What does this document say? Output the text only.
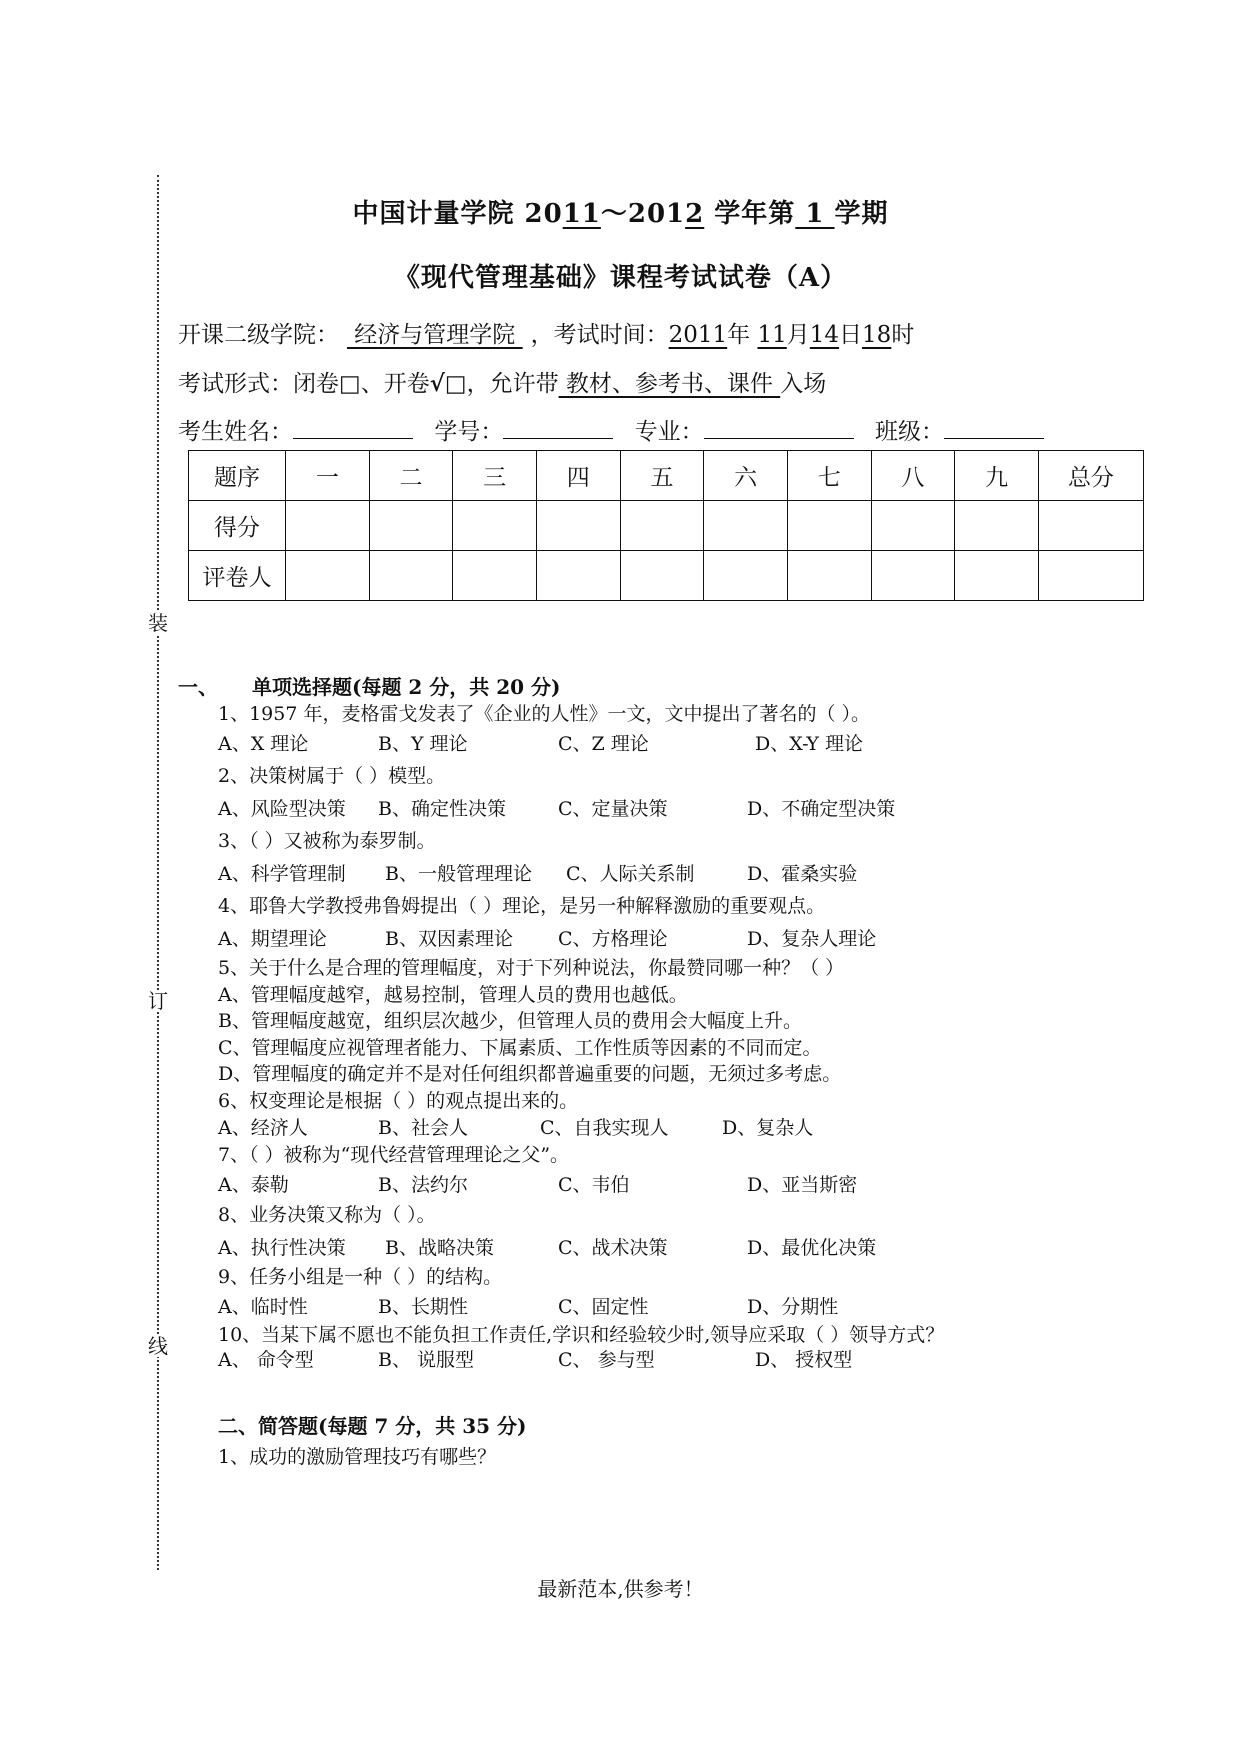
装
订
线
中国计量学院 2011～2012 学年第 1 学期
《现代管理基础》课程考试试卷（A）
开课二级学院： 经济与管理学院 ，考试时间：2011年 11月14日18时
考试形式：闭卷□、开卷√□，允许带 教材、参考书、课件 入场
考生姓名：	学号：	专业：	班级：
题序	一	二	三	四	五	六	七	八	九	总分
得分										
评卷人										
一、 单项选择题(每题 2 分，共 20 分)
1、1957 年，麦格雷戈发表了《企业的人性》一文，文中提出了著名的（ ）。
A、X 理论	B、Y 理论	C、Z 理论	D、X-Y 理论
2、决策树属于（ ）模型。
A、风险型决策 B、确定性决策	C、定量决策	D、不确定型决策
3、（ ）又被称为泰罗制。
A、科学管理制 B、一般管理理论 C、人际关系制	D、霍桑实验
4、耶鲁大学教授弗鲁姆提出（ ）理论，是另一种解释激励的重要观点。
A、期望理论	B、双因素理论 C、方格理论	D、复杂人理论
5、关于什么是合理的管理幅度，对于下列种说法，你最赞同哪一种？（ ）
A、管理幅度越窄，越易控制，管理人员的费用也越低。
B、管理幅度越宽，组织层次越少，但管理人员的费用会大幅度上升。
C、管理幅度应视管理者能力、下属素质、工作性质等因素的不同而定。
D、管理幅度的确定并不是对任何组织都普遍重要的问题，无须过多考虑。
6、权变理论是根据（ ）的观点提出来的。
A、经济人	B、社会人	C、自我实现人	D、复杂人
7、（ ）被称为“现代经营管理理论之父”。
A、泰勒	B、法约尔	C、韦伯	D、亚当斯密
8、业务决策又称为（ ）。
A、执行性决策 B、战略决策	C、战术决策	D、最优化决策
9、任务小组是一种（ ）的结构。
A、临时性	B、长期性	C、固定性	D、分期性
10、当某下属不愿也不能负担工作责任,学识和经验较少时,领导应采取（ ）领导方式？
A、 命令型	B、 说服型	C、 参与型	D、 授权型
二、简答题(每题 7 分，共 35 分)
1、成功的激励管理技巧有哪些？
最新范本,供参考！
